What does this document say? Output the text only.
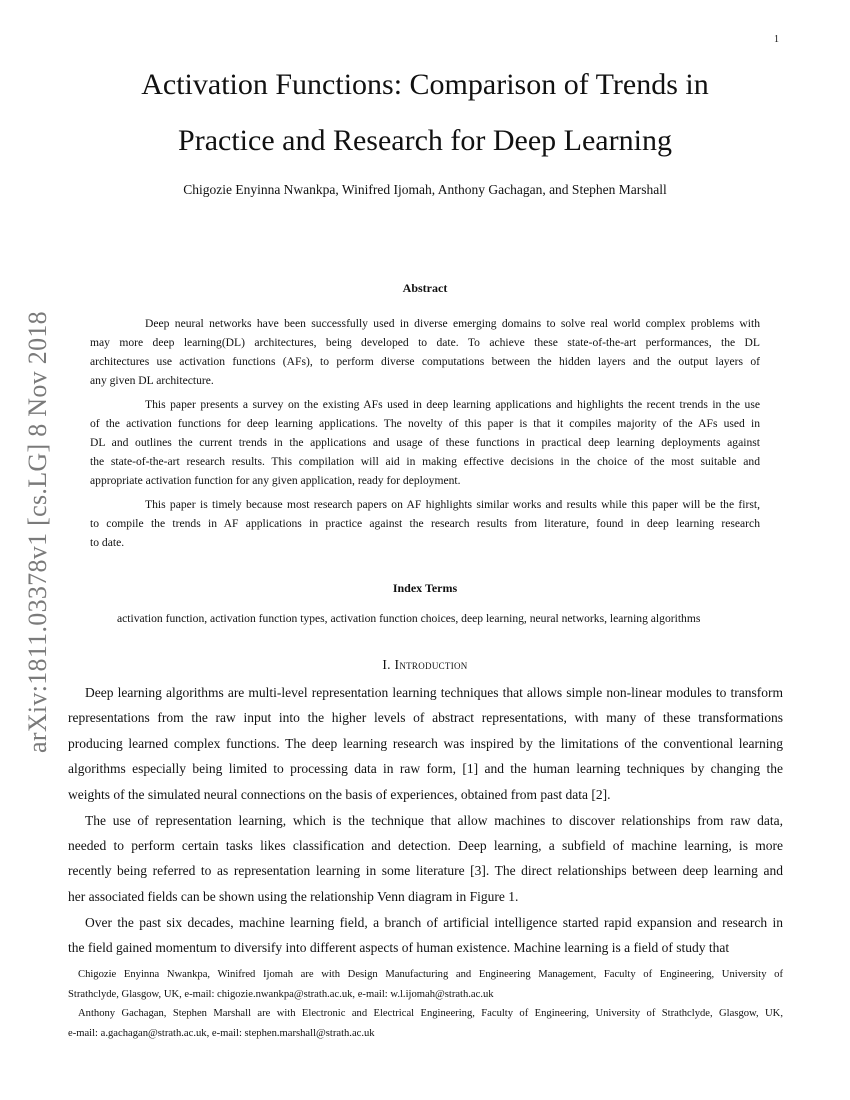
1
arXiv:1811.03378v1 [cs.LG] 8 Nov 2018
Activation Functions: Comparison of Trends in
Practice and Research for Deep Learning
Chigozie Enyinna Nwankpa, Winifred Ijomah, Anthony Gachagan, and Stephen Marshall
Abstract
Deep neural networks have been successfully used in diverse emerging domains to solve real world complex problems with
may more deep learning(DL) architectures, being developed to date. To achieve these state-of-the-art performances, the DL
architectures use activation functions (AFs), to perform diverse computations between the hidden layers and the output layers of
any given DL architecture.
This paper presents a survey on the existing AFs used in deep learning applications and highlights the recent trends in the use
of the activation functions for deep learning applications. The novelty of this paper is that it compiles majority of the AFs used in
DL and outlines the current trends in the applications and usage of these functions in practical deep learning deployments against
the state-of-the-art research results. This compilation will aid in making effective decisions in the choice of the most suitable and
appropriate activation function for any given application, ready for deployment.
This paper is timely because most research papers on AF highlights similar works and results while this paper will be the first,
to compile the trends in AF applications in practice against the research results from literature, found in deep learning research
to date.
Index Terms
activation function, activation function types, activation function choices, deep learning, neural networks, learning algorithms
I. Introduction
Deep learning algorithms are multi-level representation learning techniques that allows simple non-linear modules to transform
representations from the raw input into the higher levels of abstract representations, with many of these transformations
producing learned complex functions. The deep learning research was inspired by the limitations of the conventional learning
algorithms especially being limited to processing data in raw form, [1] and the human learning techniques by changing the
weights of the simulated neural connections on the basis of experiences, obtained from past data [2].
The use of representation learning, which is the technique that allow machines to discover relationships from raw data,
needed to perform certain tasks likes classification and detection. Deep learning, a subfield of machine learning, is more
recently being referred to as representation learning in some literature [3]. The direct relationships between deep learning and
her associated fields can be shown using the relationship Venn diagram in Figure 1.
Over the past six decades, machine learning field, a branch of artificial intelligence started rapid expansion and research in
the field gained momentum to diversify into different aspects of human existence. Machine learning is a field of study that
Chigozie Enyinna Nwankpa, Winifred Ijomah are with Design Manufacturing and Engineering Management, Faculty of Engineering, University of
Strathclyde, Glasgow, UK, e-mail: chigozie.nwankpa@strath.ac.uk, e-mail: w.l.ijomah@strath.ac.uk
Anthony Gachagan, Stephen Marshall are with Electronic and Electrical Engineering, Faculty of Engineering, University of Strathclyde, Glasgow, UK,
e-mail: a.gachagan@strath.ac.uk, e-mail: stephen.marshall@strath.ac.uk
